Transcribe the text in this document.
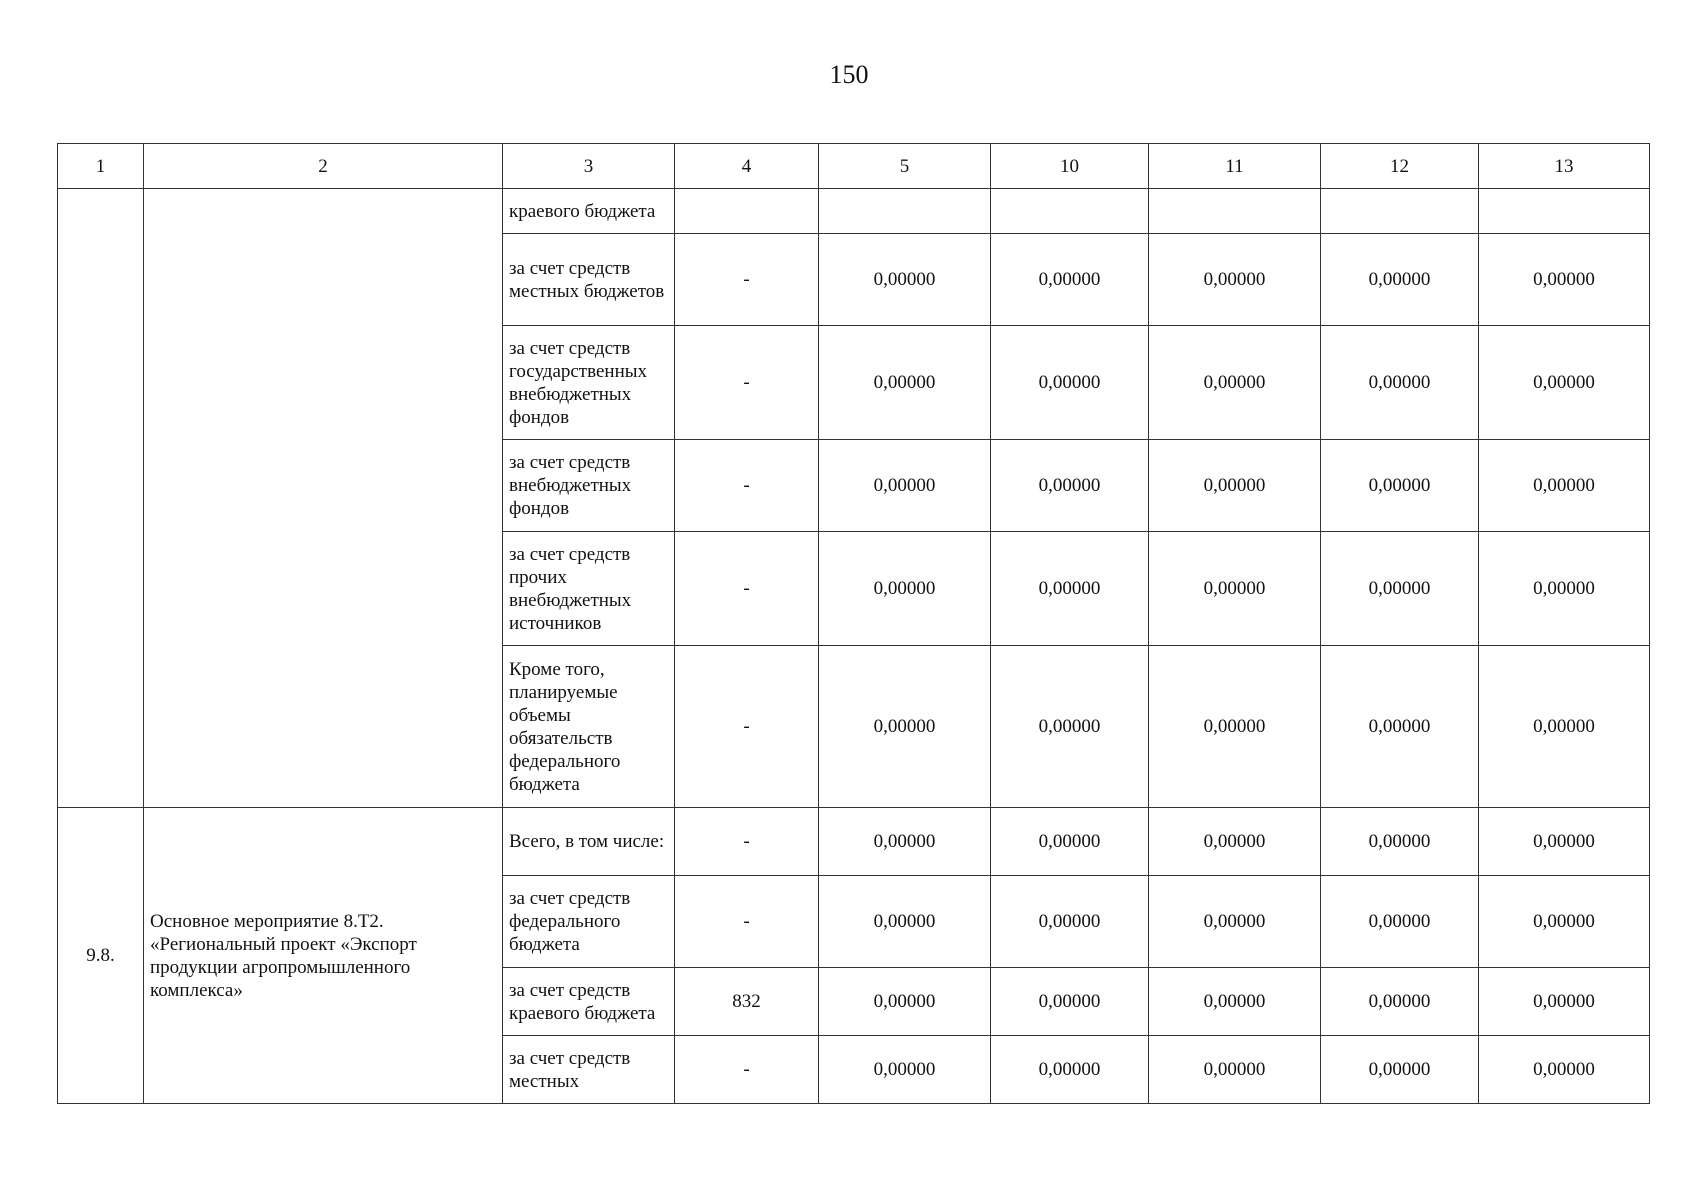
150
1	2	3	4	5	10	11	12	13
		краевого бюджета						
		за счет средств местных бюджетов	-	0,00000	0,00000	0,00000	0,00000	0,00000
		за счет средств государственных внебюджетных фондов	-	0,00000	0,00000	0,00000	0,00000	0,00000
		за счет средств внебюджетных фондов	-	0,00000	0,00000	0,00000	0,00000	0,00000
		за счет средств прочих внебюджетных источников	-	0,00000	0,00000	0,00000	0,00000	0,00000
		Кроме того, планируемые объемы обязательств федерального бюджета	-	0,00000	0,00000	0,00000	0,00000	0,00000
9.8.	Основное мероприятие 8.Т2. «Региональный проект «Экспорт продукции агропромышленного комплекса»	Всего, в том числе:	-	0,00000	0,00000	0,00000	0,00000	0,00000
		за счет средств федерального бюджета	-	0,00000	0,00000	0,00000	0,00000	0,00000
		за счет средств краевого бюджета	832	0,00000	0,00000	0,00000	0,00000	0,00000
		за счет средств местных	-	0,00000	0,00000	0,00000	0,00000	0,00000
